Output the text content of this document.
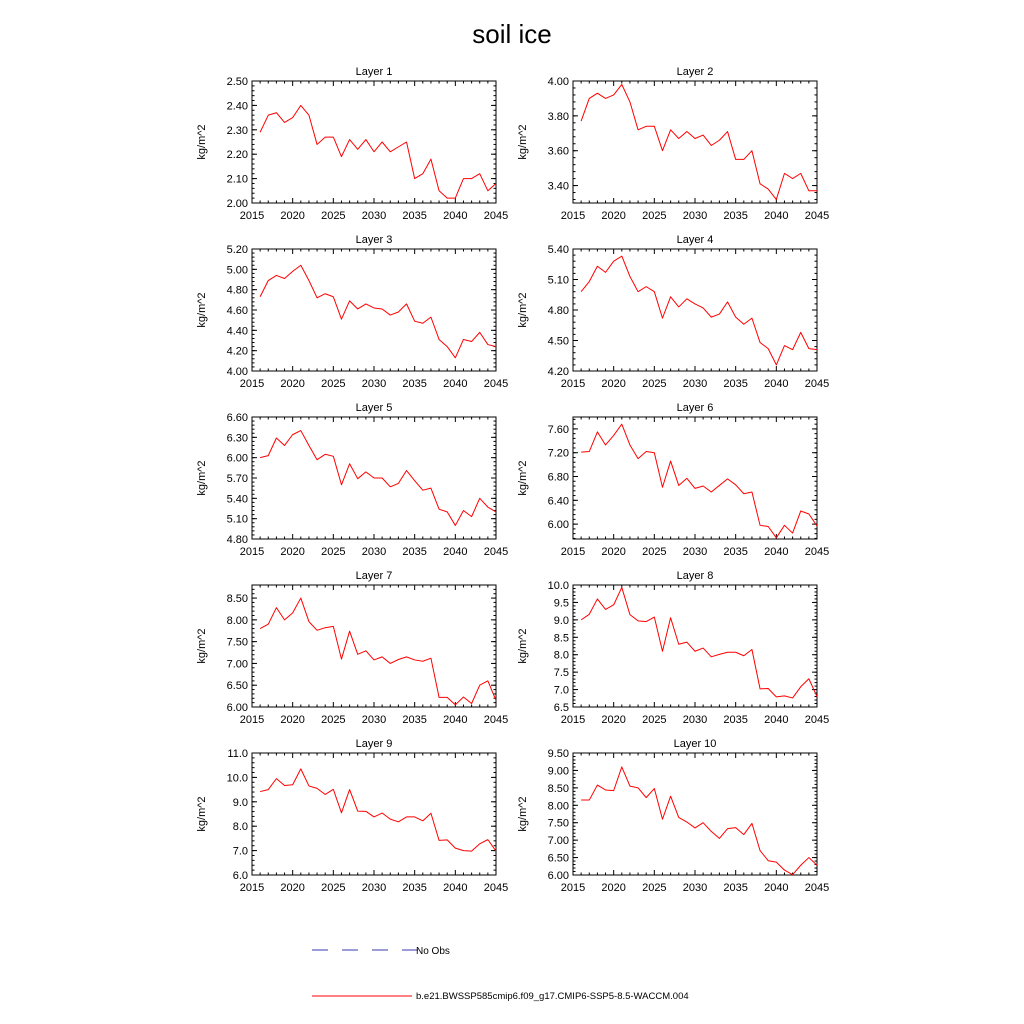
soil ice
Layer 1
kg/m^2
2015 2020 2025 2030 2035 2040 2045
2.00
2.10
2.20
2.30
2.40
2.50
Layer 2
kg/m^2
2015 2020 2025 2030 2035 2040 2045
3.40
3.60
3.80
4.00
Layer 3
kg/m^2
2015 2020 2025 2030 2035 2040 2045
4.00
4.20
4.40
4.60
4.80
5.00
5.20
Layer 4
kg/m^2
2015 2020 2025 2030 2035 2040 2045
4.20
4.50
4.80
5.10
5.40
Layer 5
kg/m^2
2015 2020 2025 2030 2035 2040 2045
4.80
5.10
5.40
5.70
6.00
6.30
6.60
Layer 6
kg/m^2
2015 2020 2025 2030 2035 2040 2045
6.00
6.40
6.80
7.20
7.60
Layer 7
kg/m^2
2015 2020 2025 2030 2035 2040 2045
6.00
6.50
7.00
7.50
8.00
8.50
Layer 8
kg/m^2
2015 2020 2025 2030 2035 2040 2045
6.5
7.0
7.5
8.0
8.5
9.0
9.5
10.0
Layer 9
kg/m^2
2015 2020 2025 2030 2035 2040 2045
6.0
7.0
8.0
9.0
10.0
11.0
Layer 10
kg/m^2
2015 2020 2025 2030 2035 2040 2045
6.00
6.50
7.00
7.50
8.00
8.50
9.00
9.50
No Obs
b.e21.BWSSP585cmip6.f09_g17.CMIP6-SSP5-8.5-WACCM.004
